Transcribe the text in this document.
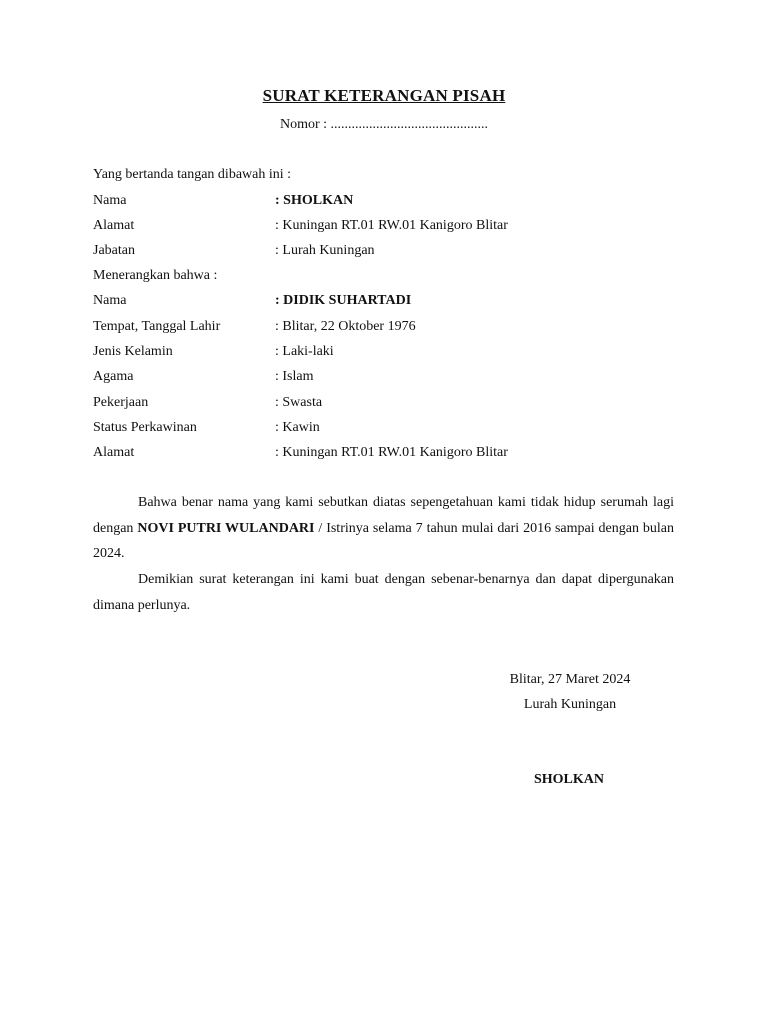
SURAT KETERANGAN PISAH
Nomor : .............................................
Yang bertanda tangan dibawah ini :
Nama	: SHOLKAN
Alamat	: Kuningan RT.01 RW.01 Kanigoro Blitar
Jabatan	: Lurah Kuningan
Menerangkan bahwa :
Nama	: DIDIK SUHARTADI
Tempat, Tanggal Lahir	: Blitar, 22 Oktober 1976
Jenis Kelamin	: Laki-laki
Agama	: Islam
Pekerjaan	: Swasta
Status Perkawinan	: Kawin
Alamat	: Kuningan RT.01 RW.01 Kanigoro Blitar
Bahwa benar nama yang kami sebutkan diatas sepengetahuan kami tidak hidup serumah lagi dengan NOVI PUTRI WULANDARI / Istrinya selama 7 tahun mulai dari 2016 sampai dengan bulan 2024.
Demikian surat keterangan ini kami buat dengan sebenar-benarnya dan dapat dipergunakan dimana perlunya.
Blitar, 27 Maret 2024
Lurah Kuningan
SHOLKAN
